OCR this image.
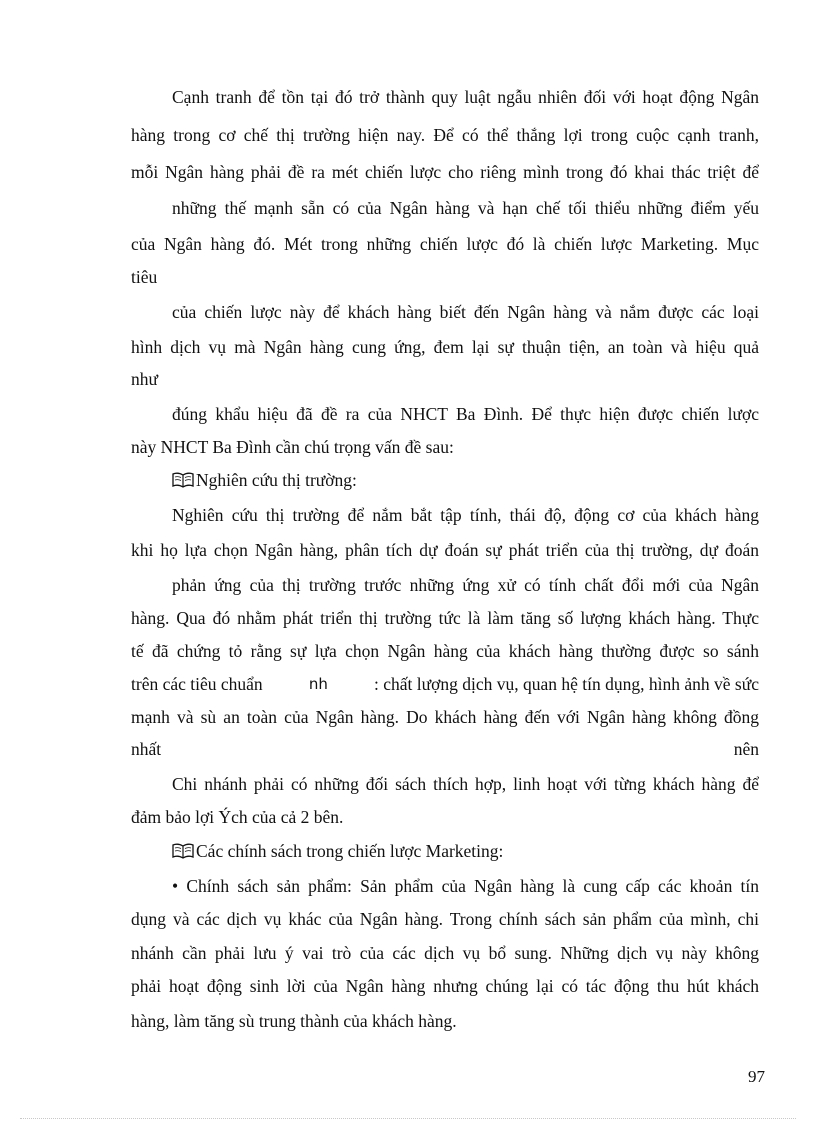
Cạnh tranh để tồn tại đó trở thành quy luật ngẫu nhiên đối với hoạt động Ngân
hàng trong cơ chế thị trường hiện nay. Để có thể thắng lợi trong cuộc cạnh tranh,
mỗi Ngân hàng phải đề ra mét chiến lược cho riêng mình trong đó khai thác triệt để
những thế mạnh sẵn có của Ngân hàng và hạn chế tối thiểu những điểm yếu
của Ngân hàng đó. Mét trong những chiến lược đó là chiến lược Marketing. Mục
tiêu
của chiến lược này để khách hàng biết đến Ngân hàng và nắm được các loại
hình dịch vụ mà Ngân hàng cung ứng, đem lại sự thuận tiện, an toàn và hiệu quả
như
đúng khẩu hiệu đã đề ra của NHCT Ba Đình. Để thực hiện được chiến lược
này NHCT Ba Đình cần chú trọng vấn đề sau:
Nghiên cứu thị trường:
Nghiên cứu thị trường để nắm bắt tập tính, thái độ, động cơ của khách hàng
khi họ lựa chọn Ngân hàng, phân tích dự đoán sự phát triển của thị trường, dự đoán
phản ứng của thị trường trước những ứng xử có tính chất đổi mới của Ngân
hàng. Qua đó nhằm phát triển thị trường tức là làm tăng số lượng khách hàng. Thực
tế đã chứng tỏ rằng sự lựa chọn Ngân hàng của khách hàng thường được so sánh
trên các tiêu chuẩn	nh	: chất lượng dịch vụ, quan hệ tín dụng, hình ảnh về sức
mạnh và sù an toàn của Ngân hàng. Do khách hàng đến với Ngân hàng không đồng
nhất	nên
Chi nhánh phải có những đối sách thích hợp, linh hoạt với từng khách hàng để
đảm bảo lợi Ých của cả 2 bên.
Các chính sách trong chiến lược Marketing:
• Chính sách sản phẩm: Sản phẩm của Ngân hàng là cung cấp các khoản tín
dụng và các dịch vụ khác của Ngân hàng. Trong chính sách sản phẩm của mình, chi
nhánh cần phải lưu ý vai trò của các dịch vụ bổ sung. Những dịch vụ này không
phải hoạt động sinh lời của Ngân hàng nhưng chúng lại có tác động thu hút khách
hàng, làm tăng sù trung thành của khách hàng.
97
